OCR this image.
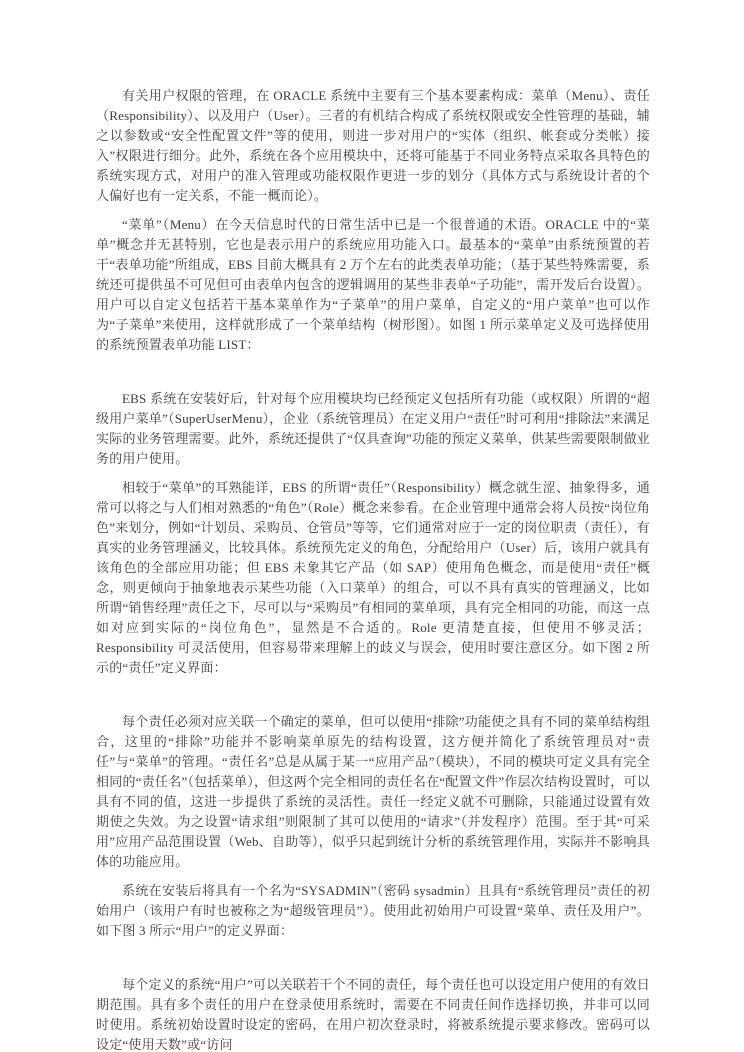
有关用户权限的管理，在 ORACLE 系统中主要有三个基本要素构成：菜单（Menu）、责任（Responsibility）、以及用户（User）。三者的有机结合构成了系统权限或安全性管理的基础，辅之以参数或“安全性配置文件”等的使用，则进一步对用户的“实体（组织、帐套或分类帐）接入”权限进行细分。此外，系统在各个应用模块中，还将可能基于不同业务特点采取各具特色的系统实现方式，对用户的准入管理或功能权限作更进一步的划分（具体方式与系统设计者的个人偏好也有一定关系，不能一概而论）。

“菜单”（Menu）在今天信息时代的日常生活中已是一个很普通的术语。ORACLE 中的“菜单”概念并无甚特别，它也是表示用户的系统应用功能入口。最基本的“菜单”由系统预置的若干“表单功能”所组成，EBS 目前大概具有 2 万个左右的此类表单功能；（基于某些特殊需要，系统还可提供虽不可见但可由表单内包含的逻辑调用的某些非表单“子功能”，需开发后台设置）。用户可以自定义包括若干基本菜单作为“子菜单”的用户菜单，自定义的“用户菜单”也可以作为“子菜单”来使用，这样就形成了一个菜单结构（树形图）。如图 1 所示菜单定义及可选择使用的系统预置表单功能 LIST：

EBS 系统在安装好后，针对每个应用模块均已经预定义包括所有功能（或权限）所谓的“超级用户菜单”（SuperUserMenu），企业（系统管理员）在定义用户“责任”时可利用“排除法”来满足实际的业务管理需要。此外，系统还提供了“仅具查询”功能的预定义菜单，供某些需要限制做业务的用户使用。

相较于“菜单”的耳熟能详，EBS 的所谓“责任”（Responsibility）概念就生涩、抽象得多，通常可以将之与人们相对熟悉的“角色”（Role）概念来参看。在企业管理中通常会将人员按“岗位角色”来划分，例如“计划员、采购员、仓管员”等等，它们通常对应于一定的岗位职责（责任），有真实的业务管理涵义，比较具体。系统预先定义的角色，分配给用户（User）后，该用户就具有该角色的全部应用功能；但 EBS 未象其它产品（如 SAP）使用角色概念，而是使用“责任”概念，则更倾向于抽象地表示某些功能（入口菜单）的组合，可以不具有真实的管理涵义，比如所谓“销售经理”责任之下，尽可以与“采购员”有相同的菜单项，具有完全相同的功能，而这一点如对应到实际的“岗位角色”，显然是不合适的。Role 更清楚直接，但使用不够灵活；Responsibility 可灵活使用，但容易带来理解上的歧义与误会，使用时要注意区分。如下图 2 所示的“责任”定义界面：

每个责任必须对应关联一个确定的菜单，但可以使用“排除”功能使之具有不同的菜单结构组合，这里的“排除”功能并不影响菜单原先的结构设置，这方便并简化了系统管理员对“责任”与“菜单”的管理。“责任名”总是从属于某一“应用产品”（模块），不同的模块可定义具有完全相同的“责任名”（包括菜单），但这两个完全相同的责任名在“配置文件”作层次结构设置时，可以具有不同的值，这进一步提供了系统的灵活性。责任一经定义就不可删除，只能通过设置有效期使之失效。为之设置“请求组”则限制了其可以使用的“请求”（并发程序）范围。至于其“可采用”应用产品范围设置（Web、自助等），似乎只起到统计分析的系统管理作用，实际并不影响具体的功能应用。

系统在安装后将具有一个名为“SYSADMIN”（密码 sysadmin）且具有“系统管理员”责任的初始用户（该用户有时也被称之为“超级管理员”）。使用此初始用户可设置“菜单、责任及用户”。如下图 3 所示“用户”的定义界面：

每个定义的系统“用户”可以关联若干个不同的责任，每个责任也可以设定用户使用的有效日期范围。具有多个责任的用户在登录使用系统时，需要在不同责任间作选择切换，并非可以同时使用。系统初始设置时设定的密码，在用户初次登录时，将被系统提示要求修改。密码可以设定“使用天数”或“访问
